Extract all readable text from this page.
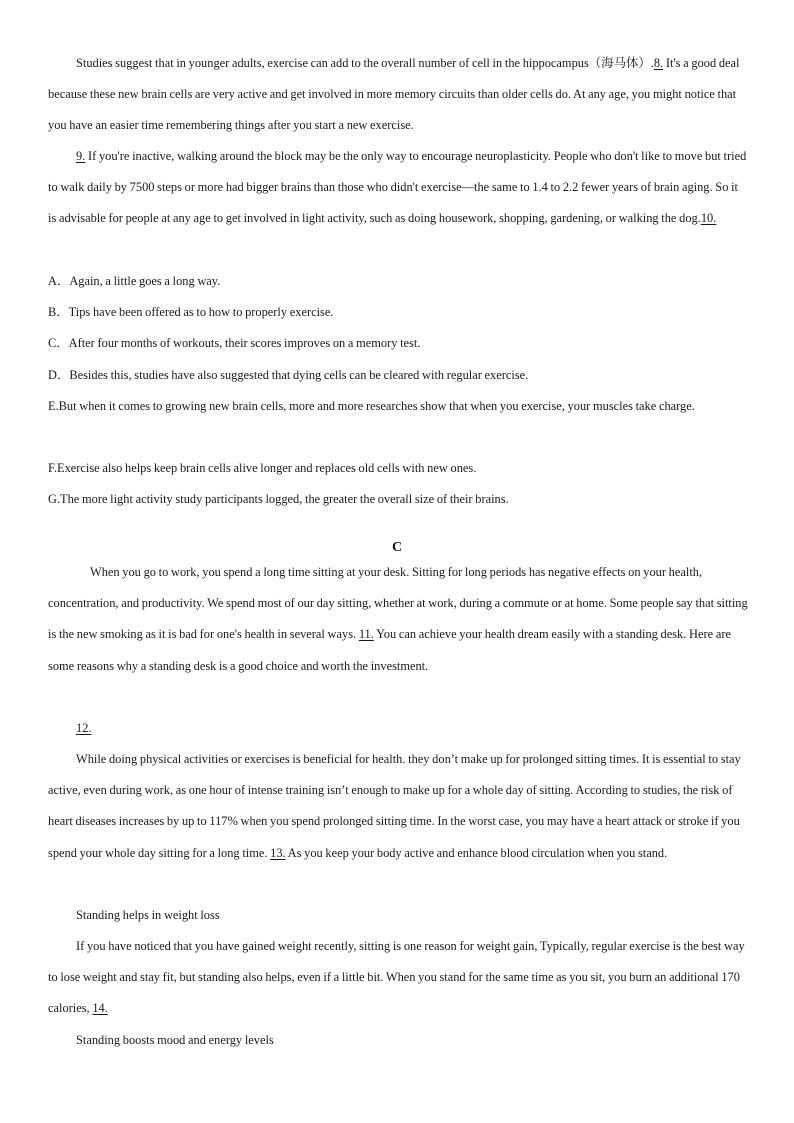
Studies suggest that in younger adults, exercise can add to the overall number of cell in the hippocampus（海马体）.8. It's a good deal because these new brain cells are very active and get involved in more memory circuits than older cells do. At any age, you might notice that you have an easier time remembering things after you start a new exercise.

9. If you're inactive, walking around the block may be the only way to encourage neuroplasticity. People who don't like to move but tried to walk daily by 7500 steps or more had bigger brains than those who didn't exercise—the same to 1.4 to 2.2 fewer years of brain aging. So it is advisable for people at any age to get involved in light activity, such as doing housework, shopping, gardening, or walking the dog.10.

A．Again, a little goes a long way.

B．Tips have been offered as to how to properly exercise.

C．After four months of workouts, their scores improves on a memory test.

D．Besides this, studies have also suggested that dying cells can be cleared with regular exercise.

E.But when it comes to growing new brain cells, more and more researches show that when you exercise, your muscles take charge.

F.Exercise also helps keep brain cells alive longer and replaces old cells with new ones.

G.The more light activity study participants logged, the greater the overall size of their brains.

C

When you go to work, you spend a long time sitting at your desk. Sitting for long periods has negative effects on your health, concentration, and productivity. We spend most of our day sitting, whether at work, during a commute or at home. Some people say that sitting is the new smoking as it is bad for one's health in several ways. 11. You can achieve your health dream easily with a standing desk. Here are some reasons why a standing desk is a good choice and worth the investment.

12.

While doing physical activities or exercises is beneficial for health. they don’t make up for prolonged sitting times. It is essential to stay active, even during work, as one hour of intense training isn’t enough to make up for a whole day of sitting. According to studies, the risk of heart diseases increases by up to 117% when you spend prolonged sitting time. In the worst case, you may have a heart attack or stroke if you spend your whole day sitting for a long time. 13. As you keep your body active and enhance blood circulation when you stand.

Standing helps in weight loss

If you have noticed that you have gained weight recently, sitting is one reason for weight gain, Typically, regular exercise is the best way to lose weight and stay fit, but standing also helps, even if a little bit. When you stand for the same time as you sit, you burn an additional 170 calories, 14.

Standing boosts mood and energy levels
